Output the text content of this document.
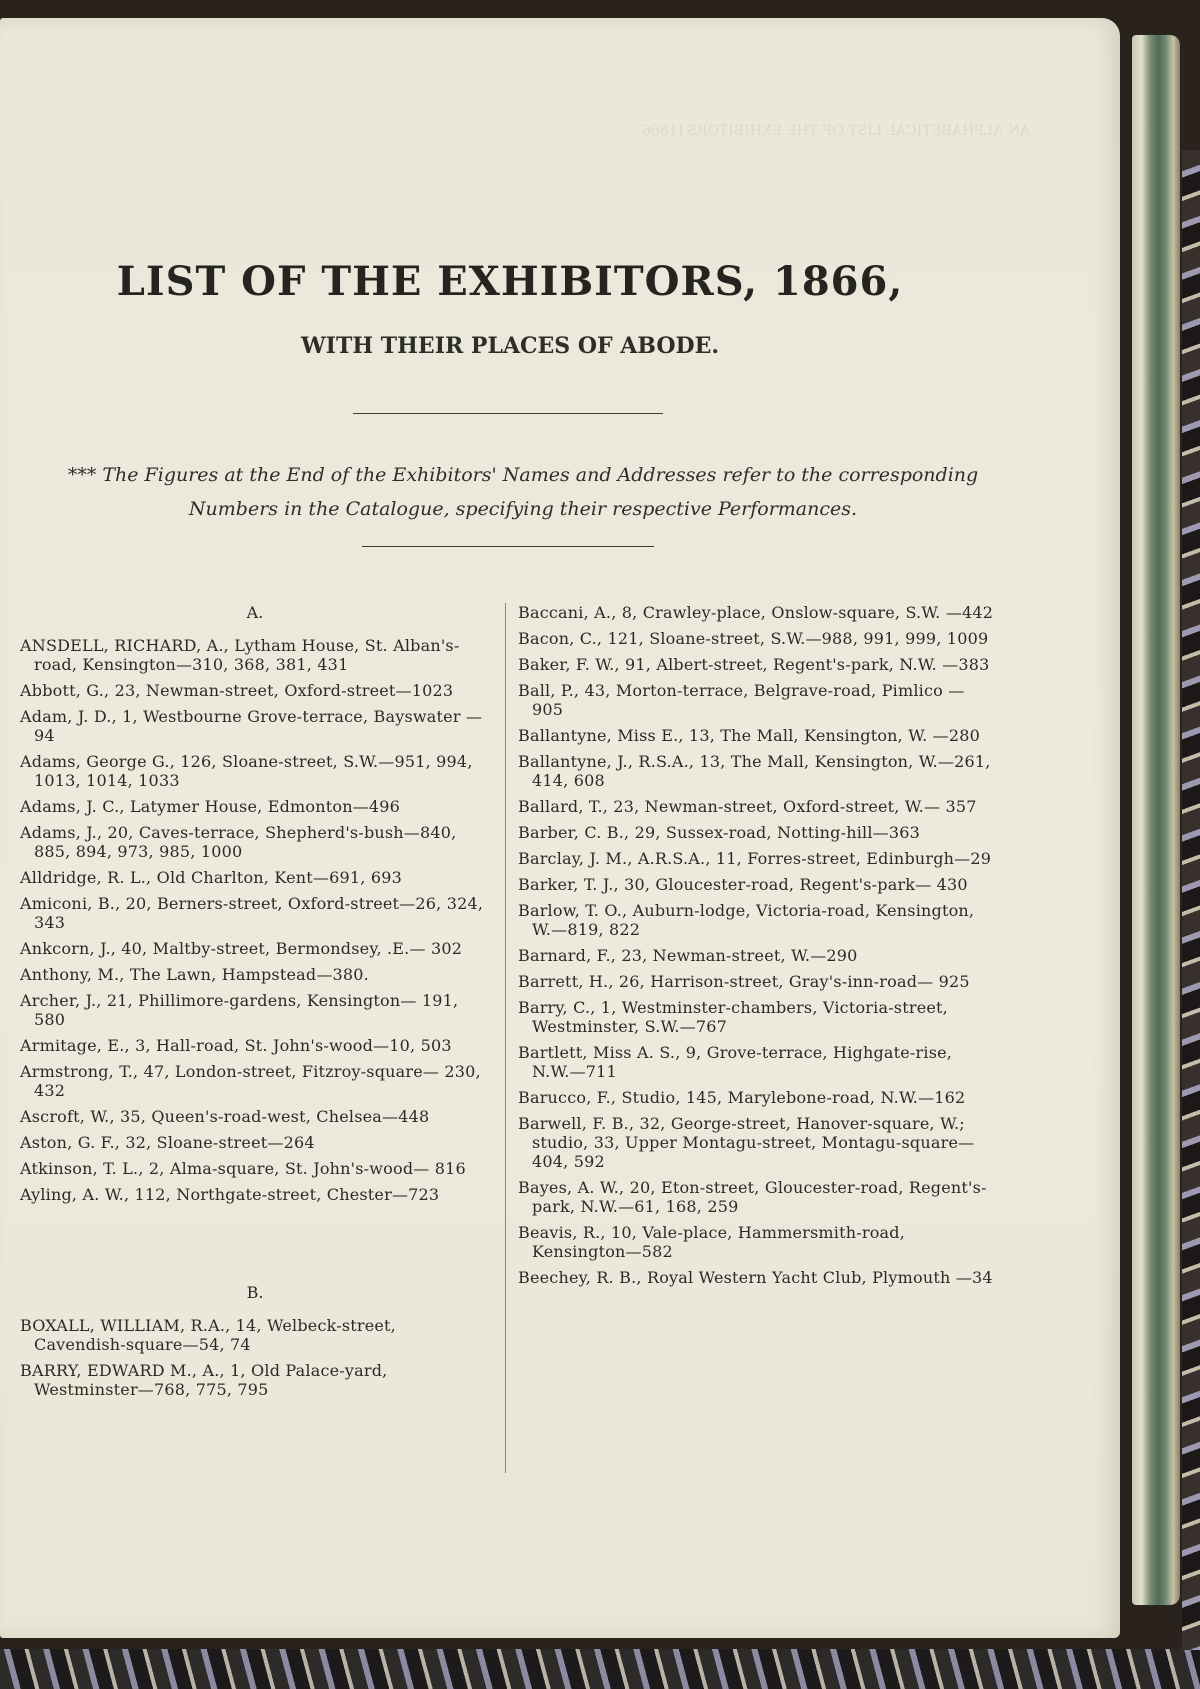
AN ALPHABETICAL LIST OF THE EXHIBITORS [1866.
LIST OF THE EXHIBITORS, 1866,
WITH THEIR PLACES OF ABODE.

*** The Figures at the End of the Exhibitors' Names and Addresses refer to the corresponding Numbers in the Catalogue, specifying their respective Performances.

A.

ANSDELL, RICHARD, A., Lytham House, St. Alban's-road, Kensington—310, 368, 381, 431

Abbott, G., 23, Newman-street, Oxford-street—1023

Adam, J. D., 1, Westbourne Grove-terrace, Bayswater —94

Adams, George G., 126, Sloane-street, S.W.—951, 994, 1013, 1014, 1033

Adams, J. C., Latymer House, Edmonton—496

Adams, J., 20, Caves-terrace, Shepherd's-bush—840, 885, 894, 973, 985, 1000

Alldridge, R. L., Old Charlton, Kent—691, 693

Amiconi, B., 20, Berners-street, Oxford-street—26, 324, 343

Ankcorn, J., 40, Maltby-street, Bermondsey, .E.— 302

Anthony, M., The Lawn, Hampstead—380.

Archer, J., 21, Phillimore-gardens, Kensington— 191, 580

Armitage, E., 3, Hall-road, St. John's-wood—10, 503

Armstrong, T., 47, London-street, Fitzroy-square— 230, 432

Ascroft, W., 35, Queen's-road-west, Chelsea—448

Aston, G. F., 32, Sloane-street—264

Atkinson, T. L., 2, Alma-square, St. John's-wood— 816

Ayling, A. W., 112, Northgate-street, Chester—723

B.

BOXALL, WILLIAM, R.A., 14, Welbeck-street, Cavendish-square—54, 74

BARRY, EDWARD M., A., 1, Old Palace-yard, Westminster—768, 775, 795

Baccani, A., 8, Crawley-place, Onslow-square, S.W. —442

Bacon, C., 121, Sloane-street, S.W.—988, 991, 999, 1009

Baker, F. W., 91, Albert-street, Regent's-park, N.W. —383

Ball, P., 43, Morton-terrace, Belgrave-road, Pimlico —905

Ballantyne, Miss E., 13, The Mall, Kensington, W. —280

Ballantyne, J., R.S.A., 13, The Mall, Kensington, W.—261, 414, 608

Ballard, T., 23, Newman-street, Oxford-street, W.— 357

Barber, C. B., 29, Sussex-road, Notting-hill—363

Barclay, J. M., A.R.S.A., 11, Forres-street, Edinburgh—29

Barker, T. J., 30, Gloucester-road, Regent's-park— 430

Barlow, T. O., Auburn-lodge, Victoria-road, Kensington, W.—819, 822

Barnard, F., 23, Newman-street, W.—290

Barrett, H., 26, Harrison-street, Gray's-inn-road— 925

Barry, C., 1, Westminster-chambers, Victoria-street, Westminster, S.W.—767

Bartlett, Miss A. S., 9, Grove-terrace, Highgate-rise, N.W.—711

Barucco, F., Studio, 145, Marylebone-road, N.W.—162

Barwell, F. B., 32, George-street, Hanover-square, W.; studio, 33, Upper Montagu-street, Montagu-square—404, 592

Bayes, A. W., 20, Eton-street, Gloucester-road, Regent's-park, N.W.—61, 168, 259

Beavis, R., 10, Vale-place, Hammersmith-road, Kensington—582

Beechey, R. B., Royal Western Yacht Club, Plymouth —34
